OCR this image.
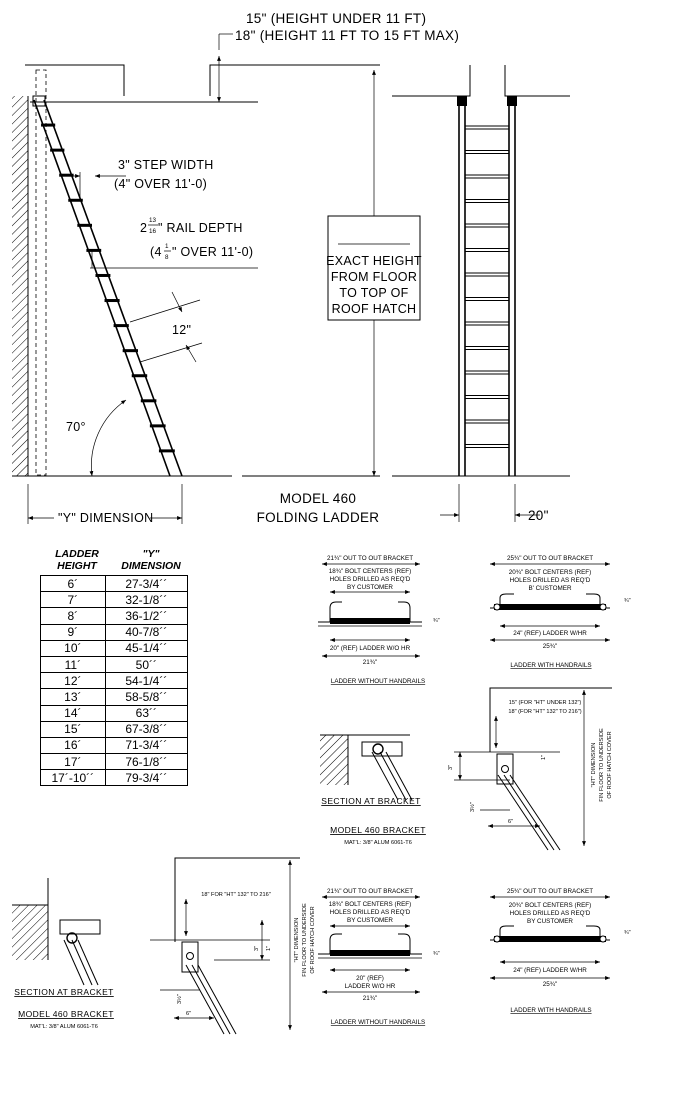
15" (HEIGHT UNDER 11 FT)
18" (HEIGHT 11 FT TO 15 FT MAX)
3" STEP WIDTH
(4" OVER 11'-0)
2
13
16 " RAIL DEPTH
(4 1
8 " OVER 11'-0)
12"
70°
"Y" DIMENSION
EXACT HEIGHT
FROM FLOOR
TO TOP OF
ROOF HATCH
MODEL 460
FOLDING LADDER	20"
21¾" OUT TO OUT BRACKET
18¾" BOLT CENTERS (REF)
HOLES DRILLED AS REQ'D
BY CUSTOMER
¾"
20" (REF) LADDER W/O HR
21¾"
LADDER WITHOUT HANDRAILS
25¾" OUT TO OUT BRACKET
20¾" BOLT CENTERS (REF)
HOLES DRILLED AS REQ'D
B' CUSTOMER
¾"
24" (REF) LADDER W/HR
25¾"
LADDER WITH HANDRAILS
SECTION AT BRACKET
MODEL 460 BRACKET
MAT'L: 3/8" ALUM 6061-T6
15" (FOR "HT" UNDER 132")
18" (FOR "HT" 132" TO 216")
"HT" DIMENSION FIN FLOOR TO UNDERSIDE OF ROOF HATCH COVER
3"
1"
3½"
6"
SECTION AT BRACKET
MODEL 460 BRACKET
MAT'L: 3/8" ALUM 6061-T6
18" FOR "HT" 132" TO 216"
"HT" DIMENSION FIN FLOOR TO UNDERSIDE OF ROOF HATCH COVER
3" 1"
3½"
6"
21¾" OUT TO OUT BRACKET
18¾" BOLT CENTERS (REF)
HOLES DRILLED AS REQ'D
BY CUSTOMER
¾"
20" (REF)
LADDER W/O HR
21¾"
LADDER WITHOUT HANDRAILS
25¾" OUT TO OUT BRACKET
20¾" BOLT CENTERS (REF)
HOLES DRILLED AS REQ'D
BY CUSTOMER
¾"
24" (REF) LADDER W/HR
25¾"
LADDER WITH HANDRAILS
LADDER
HEIGHT
"Y"
DIMENSION
6´	27-3/4´´
7´	32-1/8´´
8´	36-1/2´´
9´	40-7/8´´
10´	45-1/4´´
11´	50´´
12´	54-1/4´´
13´	58-5/8´´
14´	63´´
15´	67-3/8´´
16´	71-3/4´´
17´	76-1/8´´
17´-10´´	79-3/4´´
